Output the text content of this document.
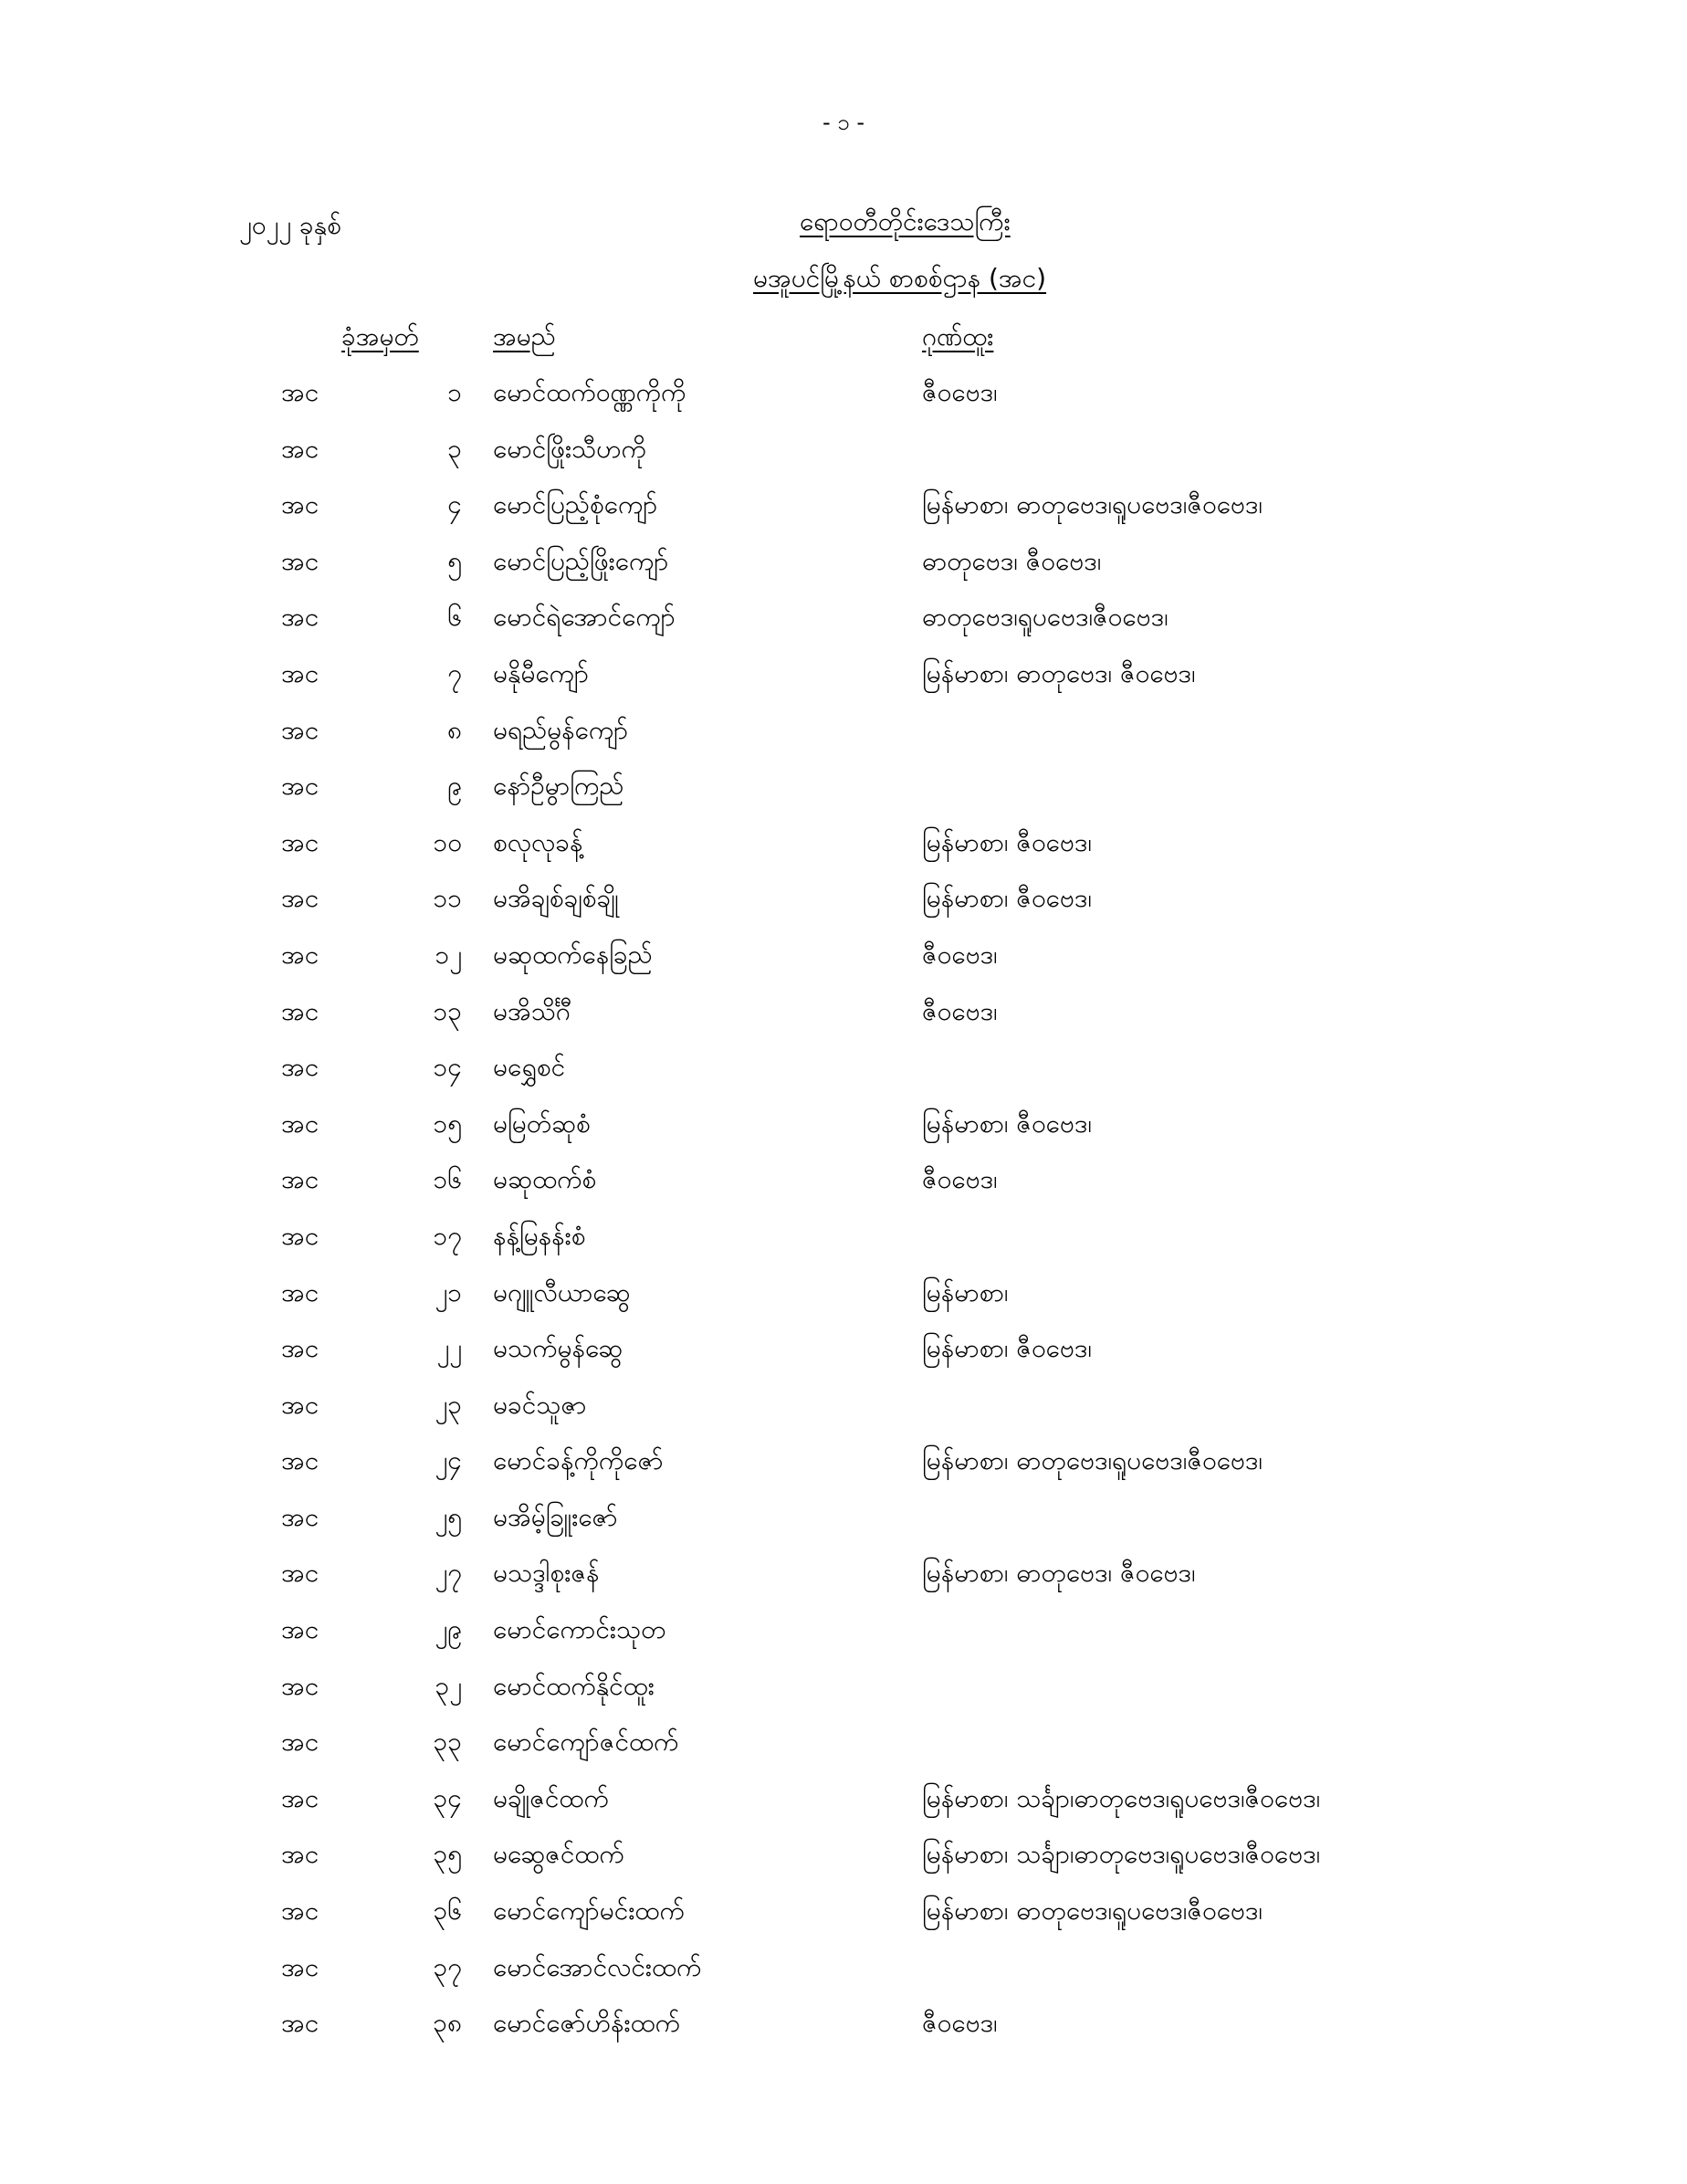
- ၁ -
၂၀၂၂ ခုနှစ်	ရောဝတီတိုင်းဒေသကြီး
မအူပင်မြို့နယ် စာစစ်ဌာန (အင)
ခုံအမှတ်	အမည်	ဂုဏ်ထူး
အင	၁ မောင်ထက်ဝဏ္ဏကိုကို	ဇီဝဗေဒ၊
အင	၃ မောင်ဖြိုးသီဟကို
အင	၄ မောင်ပြည့်စုံကျော်	မြန်မာစာ၊ ဓာတုဗေဒ၊ရူပဗေဒ၊ဇီဝဗေဒ၊
အင	၅ မောင်ပြည့်ဖြိုးကျော်	ဓာတုဗေဒ၊ ဇီဝဗေဒ၊
အင	၆ မောင်ရဲအောင်ကျော်	ဓာတုဗေဒ၊ရူပဗေဒ၊ဇီဝဗေဒ၊
အင	၇ မနိုမီကျော်	မြန်မာစာ၊ ဓာတုဗေဒ၊ ဇီဝဗေဒ၊
အင	၈ မရည်မွန်ကျော်
အင	၉ နော်ဦမွာကြည်
အင	၁၀ စလုလုခန့်	မြန်မာစာ၊ ဇီဝဗေဒ၊
အင	၁၁ မအိချစ်ချစ်ချို	မြန်မာစာ၊ ဇီဝဗေဒ၊
အင	၁၂ မဆုထက်နေခြည်	ဇီဝဗေဒ၊
အင	၁၃ မအိသိင်္ဂီ	ဇီဝဗေဒ၊
အင	၁၄ မရွှေစင်
အင	၁၅ မမြတ်ဆုစံ	မြန်မာစာ၊ ဇီဝဗေဒ၊
အင	၁၆ မဆုထက်စံ	ဇီဝဗေဒ၊
အင	၁၇ နန့်မြနန်းစံ
အင	၂၁ မဂျူလီယာဆွေ	မြန်မာစာ၊
အင	၂၂ မသက်မွန်ဆွေ	မြန်မာစာ၊ ဇီဝဗေဒ၊
အင	၂၃ မခင်သူဇာ
အင	၂၄ မောင်ခန့်ကိုကိုဇော်	မြန်မာစာ၊ ဓာတုဗေဒ၊ရူပဗေဒ၊ဇီဝဗေဒ၊
အင	၂၅ မအိမ့်ခြူးဇော်
အင	၂၇ မသဒ္ဒါစုးဇန်	မြန်မာစာ၊ ဓာတုဗေဒ၊ ဇီဝဗေဒ၊
အင	၂၉ မောင်ကောင်းသုတ
အင	၃၂ မောင်ထက်နိုင်ထူး
အင	၃၃ မောင်ကျော်ဇင်ထက်
အင	၃၄ မချိုဇင်ထက်	မြန်မာစာ၊ သင်္ချာ၊ဓာတုဗေဒ၊ရူပဗေဒ၊ဇီဝဗေဒ၊
အင	၃၅ မဆွေဇင်ထက်	မြန်မာစာ၊ သင်္ချာ၊ဓာတုဗေဒ၊ရူပဗေဒ၊ဇီဝဗေဒ၊
အင	၃၆ မောင်ကျော်မင်းထက်	မြန်မာစာ၊ ဓာတုဗေဒ၊ရူပဗေဒ၊ဇီဝဗေဒ၊
အင	၃၇ မောင်အောင်လင်းထက်
အင	၃၈ မောင်ဇော်ဟိန်းထက်	ဇီဝဗေဒ၊
